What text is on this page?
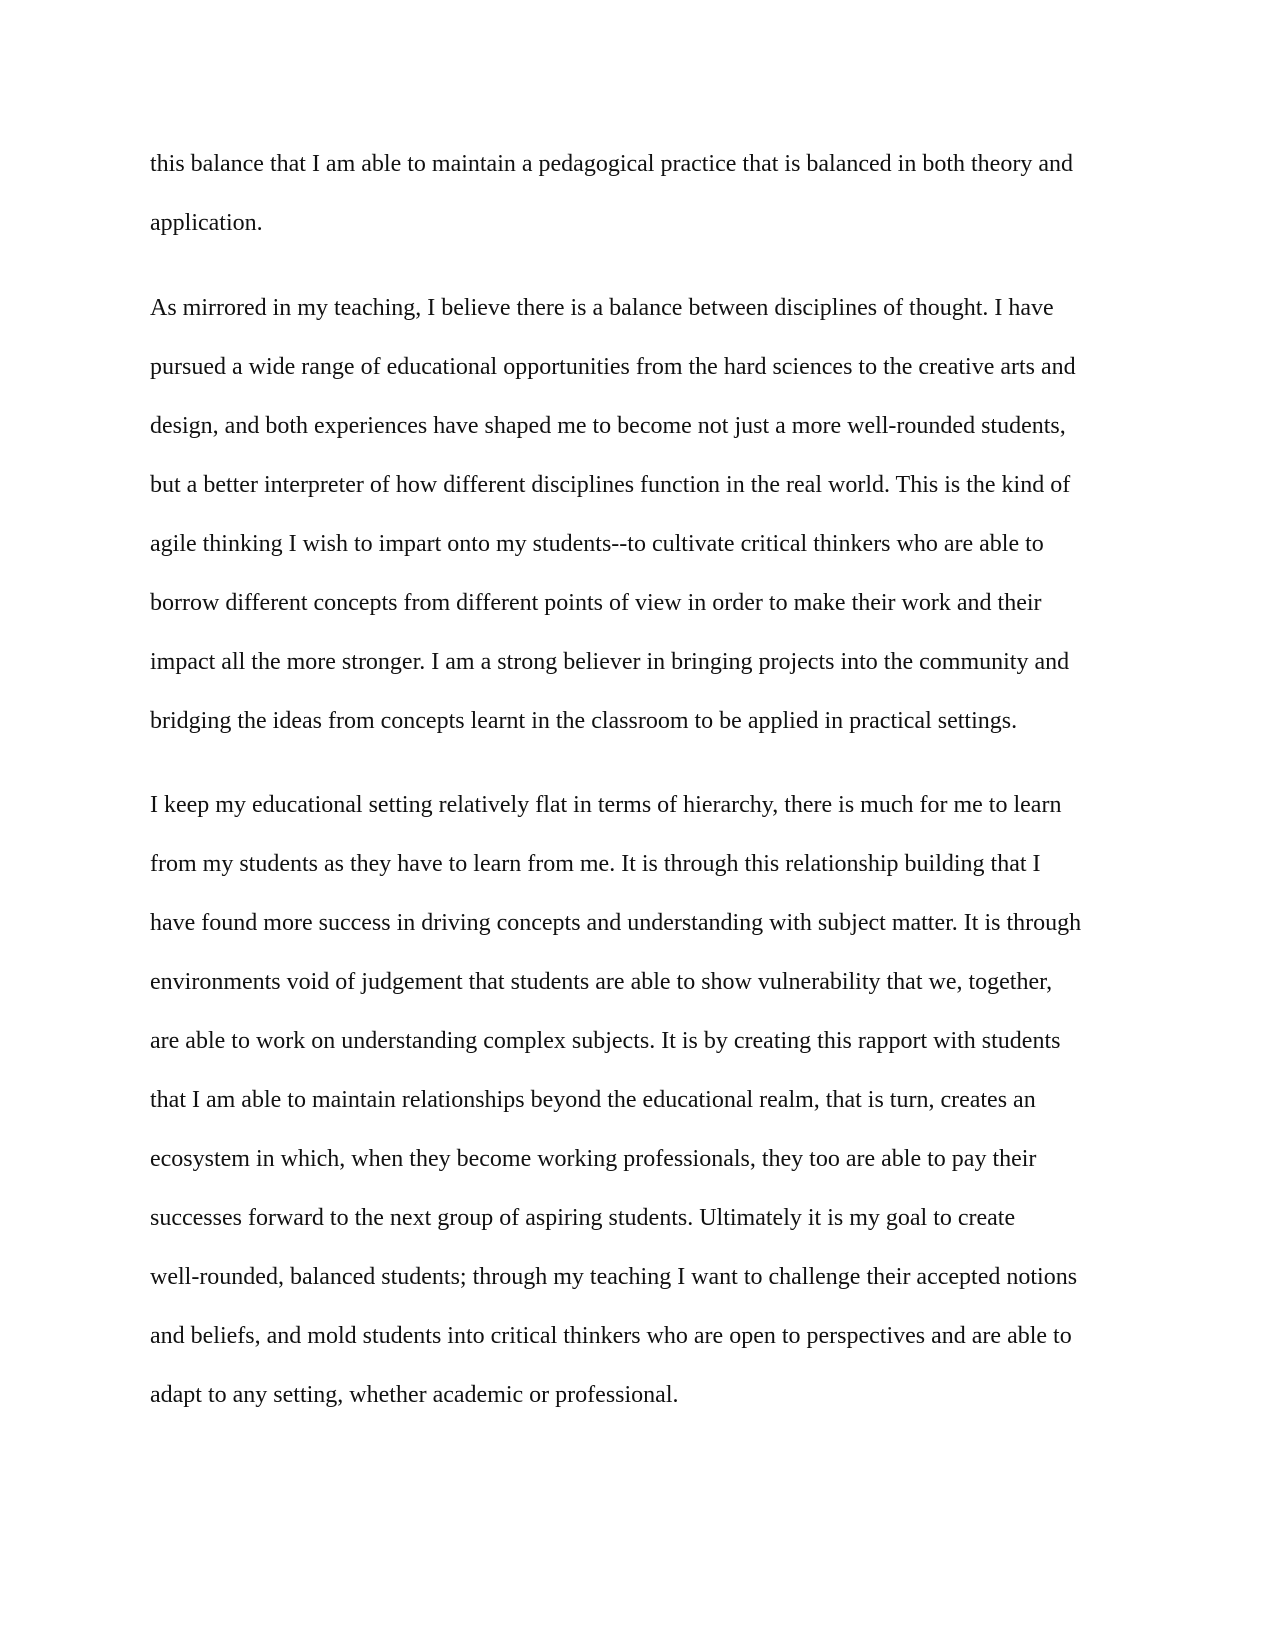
this balance that I am able to maintain a pedagogical practice that is balanced in both theory and
application.
As mirrored in my teaching, I believe there is a balance between disciplines of thought. I have
pursued a wide range of educational opportunities from the hard sciences to the creative arts and
design, and both experiences have shaped me to become not just a more well-rounded students,
but a better interpreter of how different disciplines function in the real world. This is the kind of
agile thinking I wish to impart onto my students--to cultivate critical thinkers who are able to
borrow different concepts from different points of view in order to make their work and their
impact all the more stronger. I am a strong believer in bringing projects into the community and
bridging the ideas from concepts learnt in the classroom to be applied in practical settings.
I keep my educational setting relatively flat in terms of hierarchy, there is much for me to learn
from my students as they have to learn from me. It is through this relationship building that I
have found more success in driving concepts and understanding with subject matter. It is through
environments void of judgement that students are able to show vulnerability that we, together,
are able to work on understanding complex subjects. It is by creating this rapport with students
that I am able to maintain relationships beyond the educational realm, that is turn, creates an
ecosystem in which, when they become working professionals, they too are able to pay their
successes forward to the next group of aspiring students. Ultimately it is my goal to create
well-rounded, balanced students; through my teaching I want to challenge their accepted notions
and beliefs, and mold students into critical thinkers who are open to perspectives and are able to
adapt to any setting, whether academic or professional.
